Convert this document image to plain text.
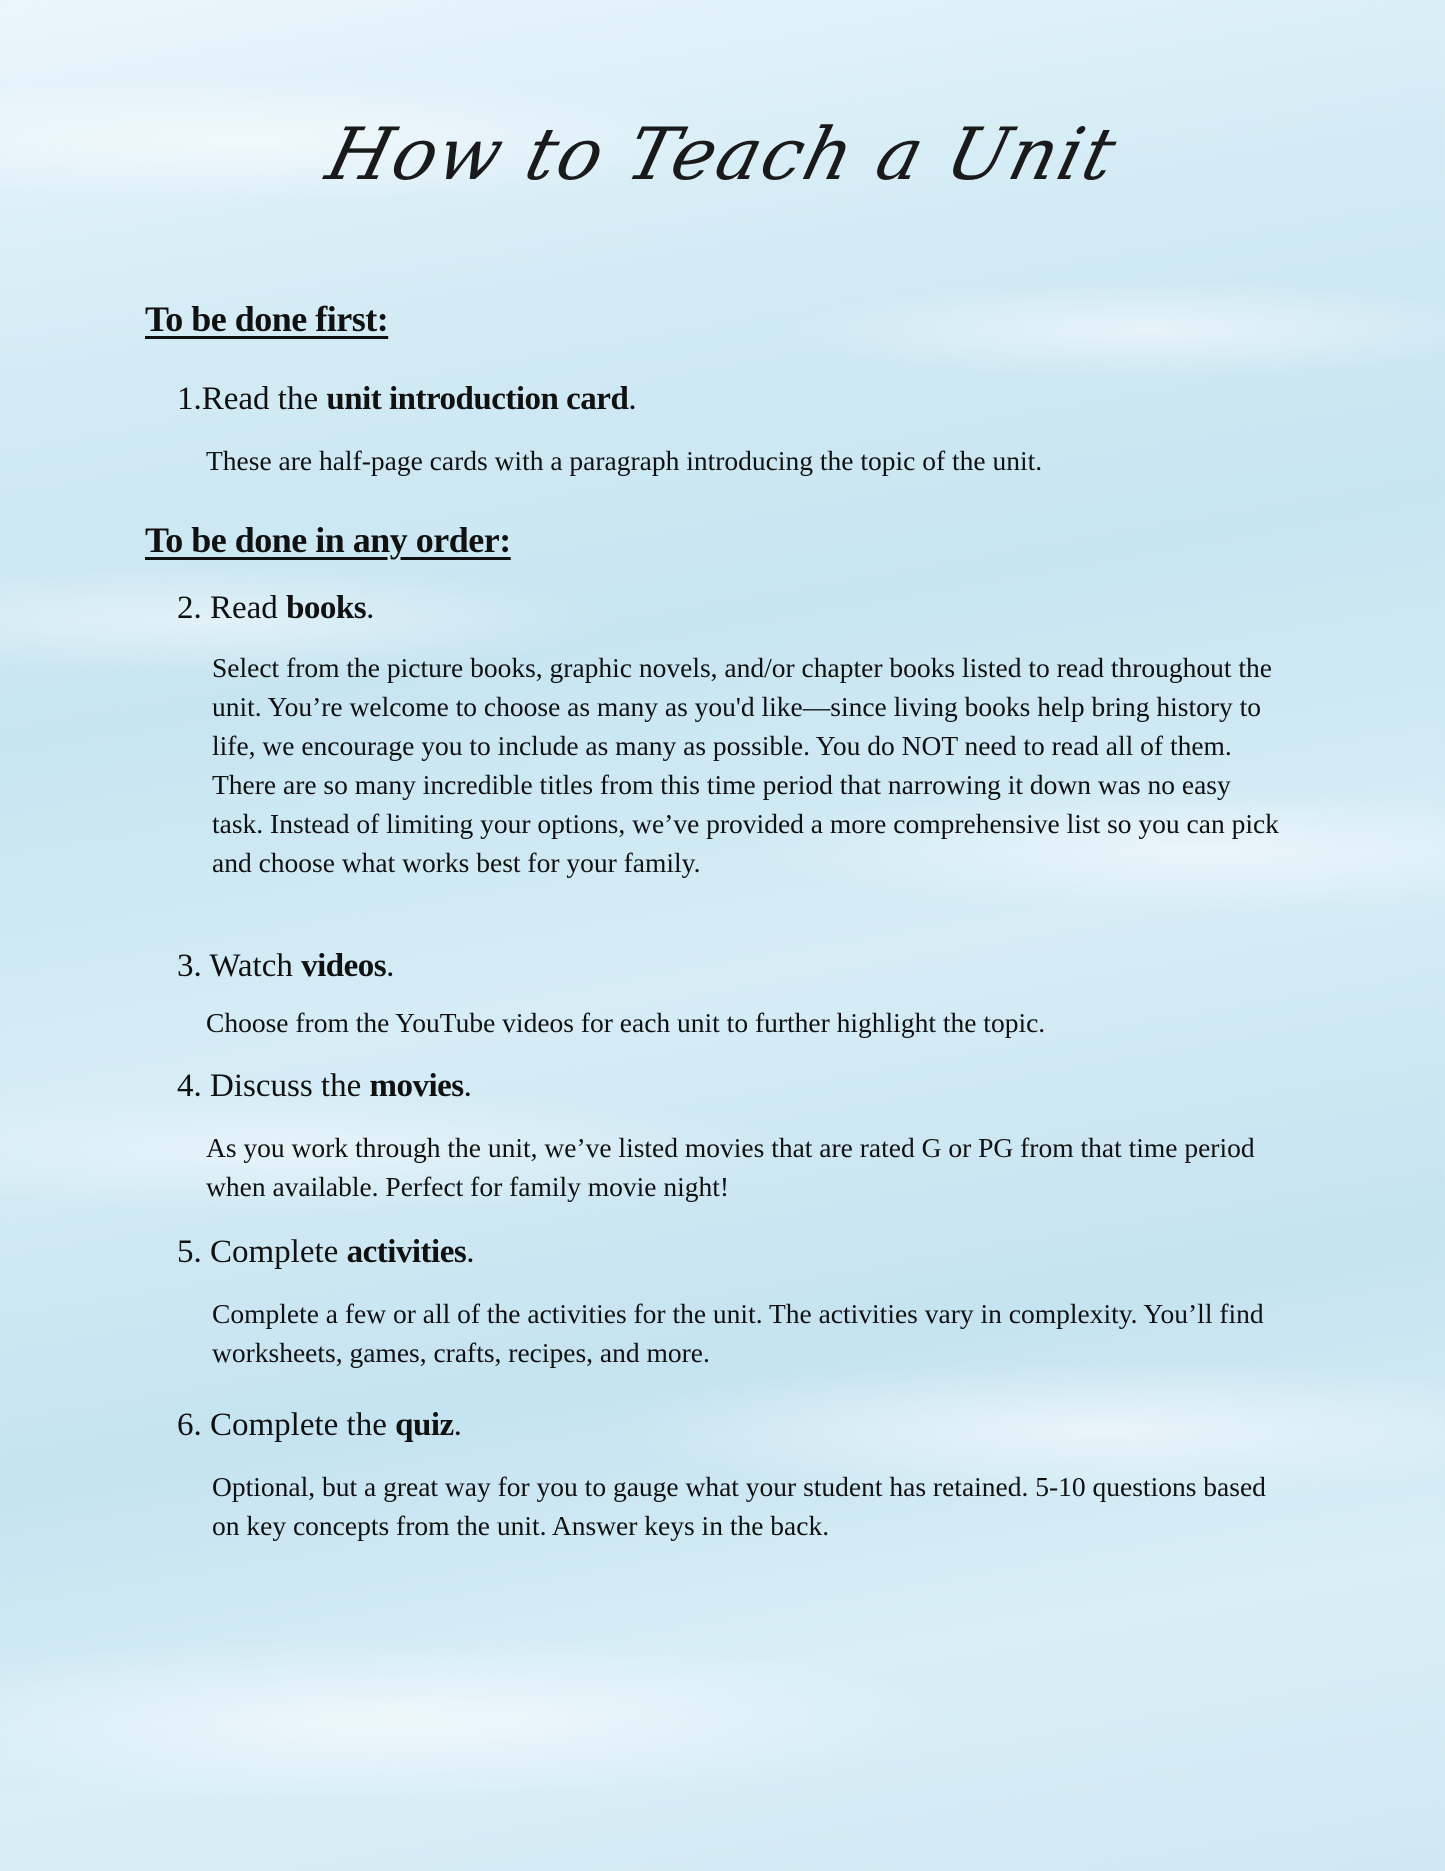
How to Teach a Unit
To be done first:

1.Read the unit introduction card.

These are half-page cards with a paragraph introducing the topic of the unit.

To be done in any order:

2. Read books.

Select from the picture books, graphic novels, and/or chapter books listed to read throughout the unit. You’re welcome to choose as many as you'd like—since living books help bring history to life, we encourage you to include as many as possible. You do NOT need to read all of them. There are so many incredible titles from this time period that narrowing it down was no easy task. Instead of limiting your options, we’ve provided a more comprehensive list so you can pick and choose what works best for your family.

3. Watch videos.

Choose from the YouTube videos for each unit to further highlight the topic.

4. Discuss the movies.

As you work through the unit, we’ve listed movies that are rated G or PG from that time period when available. Perfect for family movie night!

5. Complete activities.

Complete a few or all of the activities for the unit. The activities vary in complexity. You’ll find worksheets, games, crafts, recipes, and more.

6. Complete the quiz.

Optional, but a great way for you to gauge what your student has retained. 5-10 questions based on key concepts from the unit. Answer keys in the back.
